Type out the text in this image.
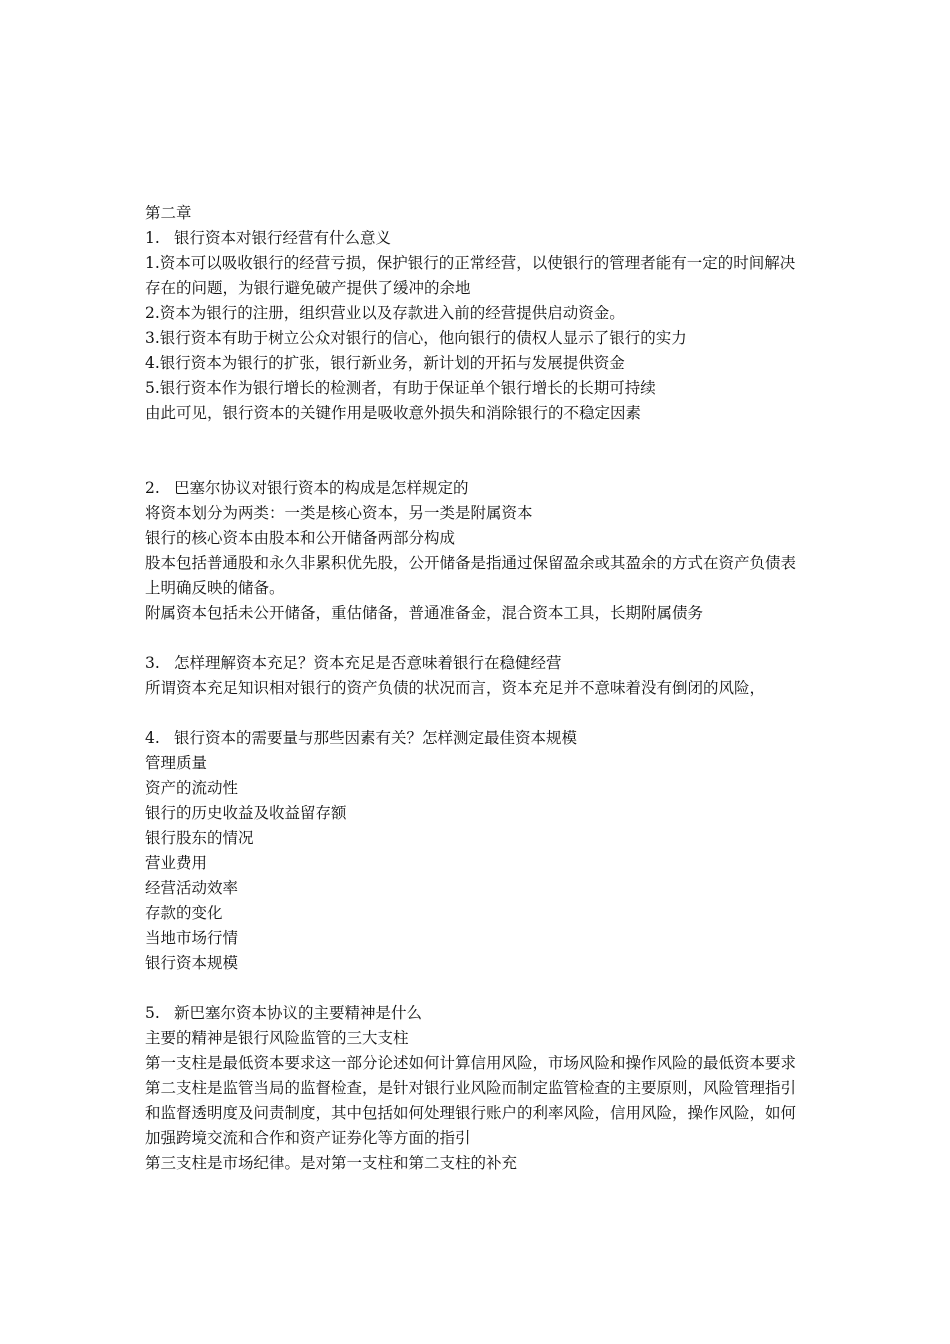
第二章
1. 银行资本对银行经营有什么意义
1.资本可以吸收银行的经营亏损，保护银行的正常经营，以使银行的管理者能有一定的时间解决存在的问题，为银行避免破产提供了缓冲的余地
2.资本为银行的注册，组织营业以及存款进入前的经营提供启动资金。
3.银行资本有助于树立公众对银行的信心，他向银行的债权人显示了银行的实力
4.银行资本为银行的扩张，银行新业务，新计划的开拓与发展提供资金
5.银行资本作为银行增长的检测者，有助于保证单个银行增长的长期可持续
由此可见，银行资本的关键作用是吸收意外损失和消除银行的不稳定因素
2. 巴塞尔协议对银行资本的构成是怎样规定的
将资本划分为两类：一类是核心资本，另一类是附属资本
银行的核心资本由股本和公开储备两部分构成
股本包括普通股和永久非累积优先股，公开储备是指通过保留盈余或其盈余的方式在资产负债表上明确反映的储备。
附属资本包括未公开储备，重估储备，普通准备金，混合资本工具，长期附属债务
3. 怎样理解资本充足？资本充足是否意味着银行在稳健经营
所谓资本充足知识相对银行的资产负债的状况而言，资本充足并不意味着没有倒闭的风险，
4. 银行资本的需要量与那些因素有关？怎样测定最佳资本规模
管理质量
资产的流动性
银行的历史收益及收益留存额
银行股东的情况
营业费用
经营活动效率
存款的变化
当地市场行情
银行资本规模
5. 新巴塞尔资本协议的主要精神是什么
主要的精神是银行风险监管的三大支柱
第一支柱是最低资本要求这一部分论述如何计算信用风险，市场风险和操作风险的最低资本要求
第二支柱是监管当局的监督检查，是针对银行业风险而制定监管检查的主要原则，风险管理指引和监督透明度及问责制度，其中包括如何处理银行账户的利率风险，信用风险，操作风险，如何加强跨境交流和合作和资产证券化等方面的指引
第三支柱是市场纪律。是对第一支柱和第二支柱的补充
